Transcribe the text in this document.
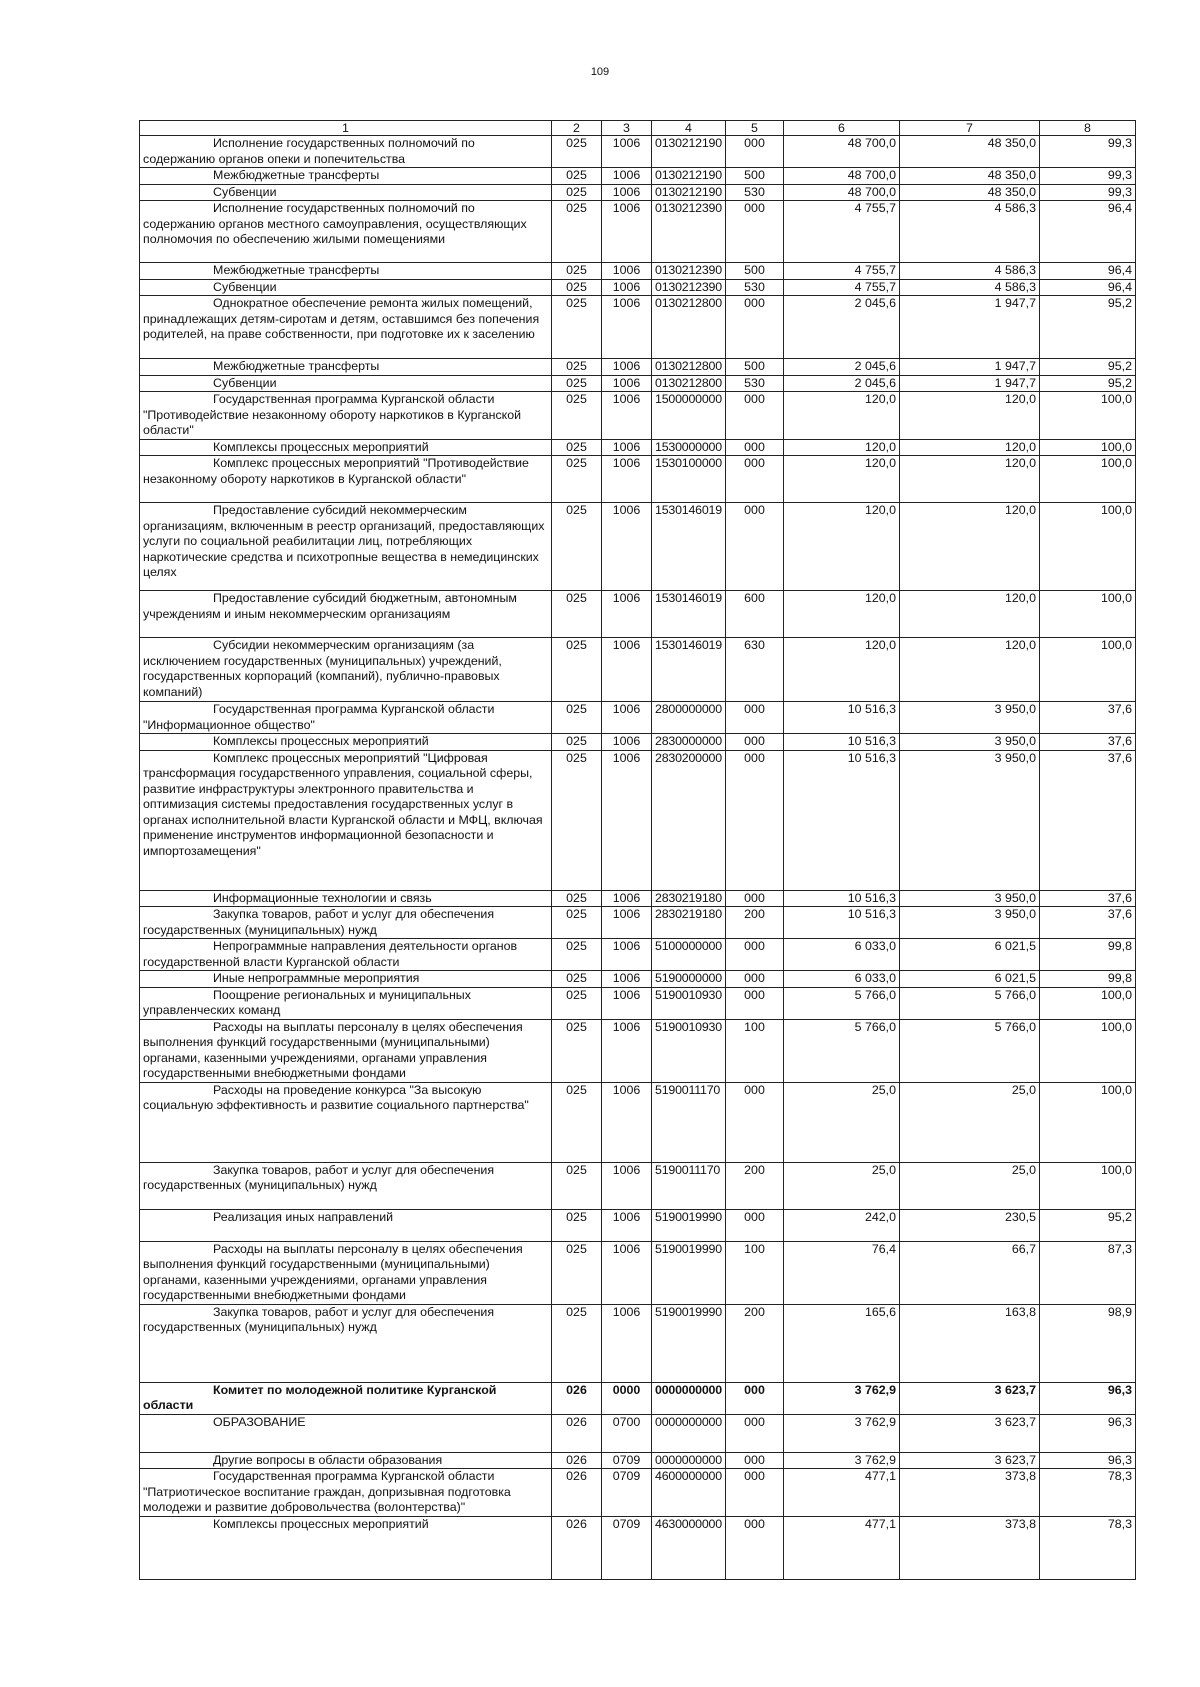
109
1	2	3	4	5	6	7	8

Исполнение государственных полномочий по содержанию органов опеки и попечительства	025	1006	0130212190	000	48 700,0	48 350,0	99,3

Межбюджетные трансферты	025	1006	0130212190	500	48 700,0	48 350,0	99,3

Субвенции	025	1006	0130212190	530	48 700,0	48 350,0	99,3

Исполнение государственных полномочий по содержанию органов местного самоуправления, осуществляющих полномочия по обеспечению жилыми помещениями	025	1006	0130212390	000	4 755,7	4 586,3	96,4

Межбюджетные трансферты	025	1006	0130212390	500	4 755,7	4 586,3	96,4

Субвенции	025	1006	0130212390	530	4 755,7	4 586,3	96,4

Однократное обеспечение ремонта жилых помещений, принадлежащих детям-сиротам и детям, оставшимся без попечения родителей, на праве собственности, при подготовке их к заселению	025	1006	0130212800	000	2 045,6	1 947,7	95,2

Межбюджетные трансферты	025	1006	0130212800	500	2 045,6	1 947,7	95,2

Субвенции	025	1006	0130212800	530	2 045,6	1 947,7	95,2

Государственная программа Курганской области "Противодействие незаконному обороту наркотиков в Курганской области"	025	1006	1500000000	000	120,0	120,0	100,0

Комплексы процессных мероприятий	025	1006	1530000000	000	120,0	120,0	100,0

Комплекс процессных мероприятий "Противодействие незаконному обороту наркотиков в Курганской области"	025	1006	1530100000	000	120,0	120,0	100,0

Предоставление субсидий некоммерческим организациям, включенным в реестр организаций, предоставляющих услуги по социальной реабилитации лиц, потребляющих наркотические средства и психотропные вещества в немедицинских целях	025	1006	1530146019	000	120,0	120,0	100,0

Предоставление субсидий бюджетным, автономным учреждениям и иным некоммерческим организациям	025	1006	1530146019	600	120,0	120,0	100,0

Субсидии некоммерческим организациям (за исключением государственных (муниципальных) учреждений, государственных корпораций (компаний), публично-правовых компаний)	025	1006	1530146019	630	120,0	120,0	100,0

Государственная программа Курганской области "Информационное общество"	025	1006	2800000000	000	10 516,3	3 950,0	37,6

Комплексы процессных мероприятий	025	1006	2830000000	000	10 516,3	3 950,0	37,6

Комплекс процессных мероприятий "Цифровая трансформация государственного управления, социальной сферы, развитие инфраструктуры электронного правительства и оптимизация системы предоставления государственных услуг в органах исполнительной власти Курганской области и МФЦ, включая применение инструментов информационной безопасности и импортозамещения"	025	1006	2830200000	000	10 516,3	3 950,0	37,6

Информационные технологии и связь	025	1006	2830219180	000	10 516,3	3 950,0	37,6

Закупка товаров, работ и услуг для обеспечения государственных (муниципальных) нужд	025	1006	2830219180	200	10 516,3	3 950,0	37,6

Непрограммные направления деятельности органов государственной власти Курганской области	025	1006	5100000000	000	6 033,0	6 021,5	99,8

Иные непрограммные мероприятия	025	1006	5190000000	000	6 033,0	6 021,5	99,8

Поощрение региональных и муниципальных управленческих команд	025	1006	5190010930	000	5 766,0	5 766,0	100,0

Расходы на выплаты персоналу в целях обеспечения выполнения функций государственными (муниципальными) органами, казенными учреждениями, органами управления государственными внебюджетными фондами	025	1006	5190010930	100	5 766,0	5 766,0	100,0

Расходы на проведение конкурса "За высокую социальную эффективность и развитие социального партнерства"	025	1006	5190011170	000	25,0	25,0	100,0

Закупка товаров, работ и услуг для обеспечения государственных (муниципальных) нужд	025	1006	5190011170	200	25,0	25,0	100,0

Реализация иных направлений	025	1006	5190019990	000	242,0	230,5	95,2

Расходы на выплаты персоналу в целях обеспечения выполнения функций государственными (муниципальными) органами, казенными учреждениями, органами управления государственными внебюджетными фондами	025	1006	5190019990	100	76,4	66,7	87,3

Закупка товаров, работ и услуг для обеспечения государственных (муниципальных) нужд	025	1006	5190019990	200	165,6	163,8	98,9

Комитет по молодежной политике Курганской области	026	0000	0000000000	000	3 762,9	3 623,7	96,3

ОБРАЗОВАНИЕ	026	0700	0000000000	000	3 762,9	3 623,7	96,3

Другие вопросы в области образования	026	0709	0000000000	000	3 762,9	3 623,7	96,3

Государственная программа Курганской области "Патриотическое воспитание граждан, допризывная подготовка молодежи и развитие добровольчества (волонтерства)"	026	0709	4600000000	000	477,1	373,8	78,3

Комплексы процессных мероприятий	026	0709	4630000000	000	477,1	373,8	78,3
